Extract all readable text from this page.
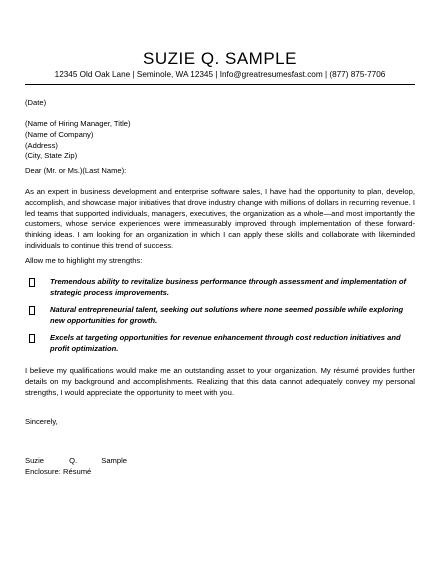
SUZIE Q. SAMPLE
12345 Old Oak Lane | Seminole, WA 12345 | Info@greatresumesfast.com | (877) 875-7706

(Date)

(Name of Hiring Manager, Title)

(Name of Company)

(Address)

(City, State Zip)

Dear (Mr. or Ms.)(Last Name):

As an expert in business development and enterprise software sales, I have had the opportunity to plan, develop, accomplish, and showcase major initiatives that drove industry change with millions of dollars in recurring revenue. I led teams that supported individuals, managers, executives, the organization as a whole—and most importantly the customers, whose service experiences were immeasurably improved through implementation of these forward-thinking ideas. I am looking for an organization in which I can apply these skills and collaborate with likeminded individuals to continue this trend of success.

Allow me to highlight my strengths:

Tremendous ability to revitalize business performance through assessment and implementation of strategic process improvements.
Natural entrepreneurial talent, seeking out solutions where none seemed possible while exploring new opportunities for growth.
Excels at targeting opportunities for revenue enhancement through cost reduction initiatives and profit optimization.

I believe my qualifications would make me an outstanding asset to your organization. My résumé provides further details on my background and accomplishments. Realizing that this data cannot adequately convey my personal strengths, I would appreciate the opportunity to meet with you.

Sincerely,

Suzie	Q.	Sample
Enclosure: Résumé
